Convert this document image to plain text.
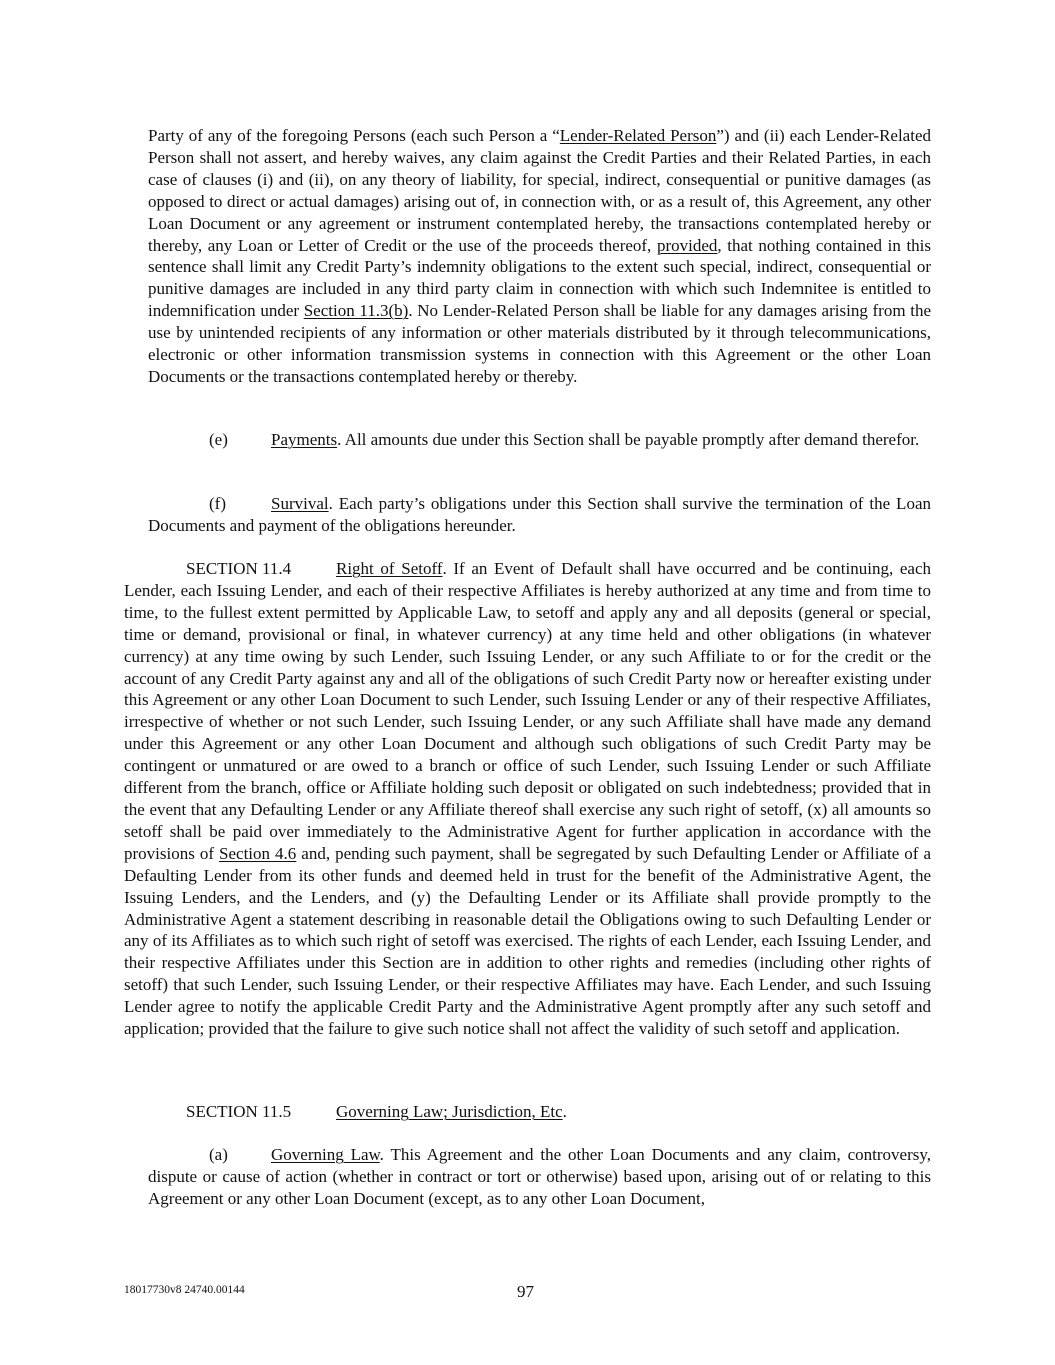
Party of any of the foregoing Persons (each such Person a “Lender-Related Person”) and (ii) each Lender-Related Person shall not assert, and hereby waives, any claim against the Credit Parties and their Related Parties, in each case of clauses (i) and (ii), on any theory of liability, for special, indirect, consequential or punitive damages (as opposed to direct or actual damages) arising out of, in connection with, or as a result of, this Agreement, any other Loan Document or any agreement or instrument contemplated hereby, the transactions contemplated hereby or thereby, any Loan or Letter of Credit or the use of the proceeds thereof, provided, that nothing contained in this sentence shall limit any Credit Party’s indemnity obligations to the extent such special, indirect, consequential or punitive damages are included in any third party claim in connection with which such Indemnitee is entitled to indemnification under Section 11.3(b). No Lender-Related Person shall be liable for any damages arising from the use by unintended recipients of any information or other materials distributed by it through telecommunications, electronic or other information transmission systems in connection with this Agreement or the other Loan Documents or the transactions contemplated hereby or thereby.

(e)	Payments. All amounts due under this Section shall be payable promptly after demand therefor.

(f)	Survival. Each party’s obligations under this Section shall survive the termination of the Loan Documents and payment of the obligations hereunder.

SECTION 11.4	Right of Setoff. If an Event of Default shall have occurred and be continuing, each Lender, each Issuing Lender, and each of their respective Affiliates is hereby authorized at any time and from time to time, to the fullest extent permitted by Applicable Law, to setoff and apply any and all deposits (general or special, time or demand, provisional or final, in whatever currency) at any time held and other obligations (in whatever currency) at any time owing by such Lender, such Issuing Lender, or any such Affiliate to or for the credit or the account of any Credit Party against any and all of the obligations of such Credit Party now or hereafter existing under this Agreement or any other Loan Document to such Lender, such Issuing Lender or any of their respective Affiliates, irrespective of whether or not such Lender, such Issuing Lender, or any such Affiliate shall have made any demand under this Agreement or any other Loan Document and although such obligations of such Credit Party may be contingent or unmatured or are owed to a branch or office of such Lender, such Issuing Lender or such Affiliate different from the branch, office or Affiliate holding such deposit or obligated on such indebtedness; provided that in the event that any Defaulting Lender or any Affiliate thereof shall exercise any such right of setoff, (x) all amounts so setoff shall be paid over immediately to the Administrative Agent for further application in accordance with the provisions of Section 4.6 and, pending such payment, shall be segregated by such Defaulting Lender or Affiliate of a Defaulting Lender from its other funds and deemed held in trust for the benefit of the Administrative Agent, the Issuing Lenders, and the Lenders, and (y) the Defaulting Lender or its Affiliate shall provide promptly to the Administrative Agent a statement describing in reasonable detail the Obligations owing to such Defaulting Lender or any of its Affiliates as to which such right of setoff was exercised. The rights of each Lender, each Issuing Lender, and their respective Affiliates under this Section are in addition to other rights and remedies (including other rights of setoff) that such Lender, such Issuing Lender, or their respective Affiliates may have. Each Lender, and such Issuing Lender agree to notify the applicable Credit Party and the Administrative Agent promptly after any such setoff and application; provided that the failure to give such notice shall not affect the validity of such setoff and application.

SECTION 11.5	Governing Law; Jurisdiction, Etc.

(a)	Governing Law. This Agreement and the other Loan Documents and any claim, controversy, dispute or cause of action (whether in contract or tort or otherwise) based upon, arising out of or relating to this Agreement or any other Loan Document (except, as to any other Loan Document,

18017730v8 24740.00144	97
